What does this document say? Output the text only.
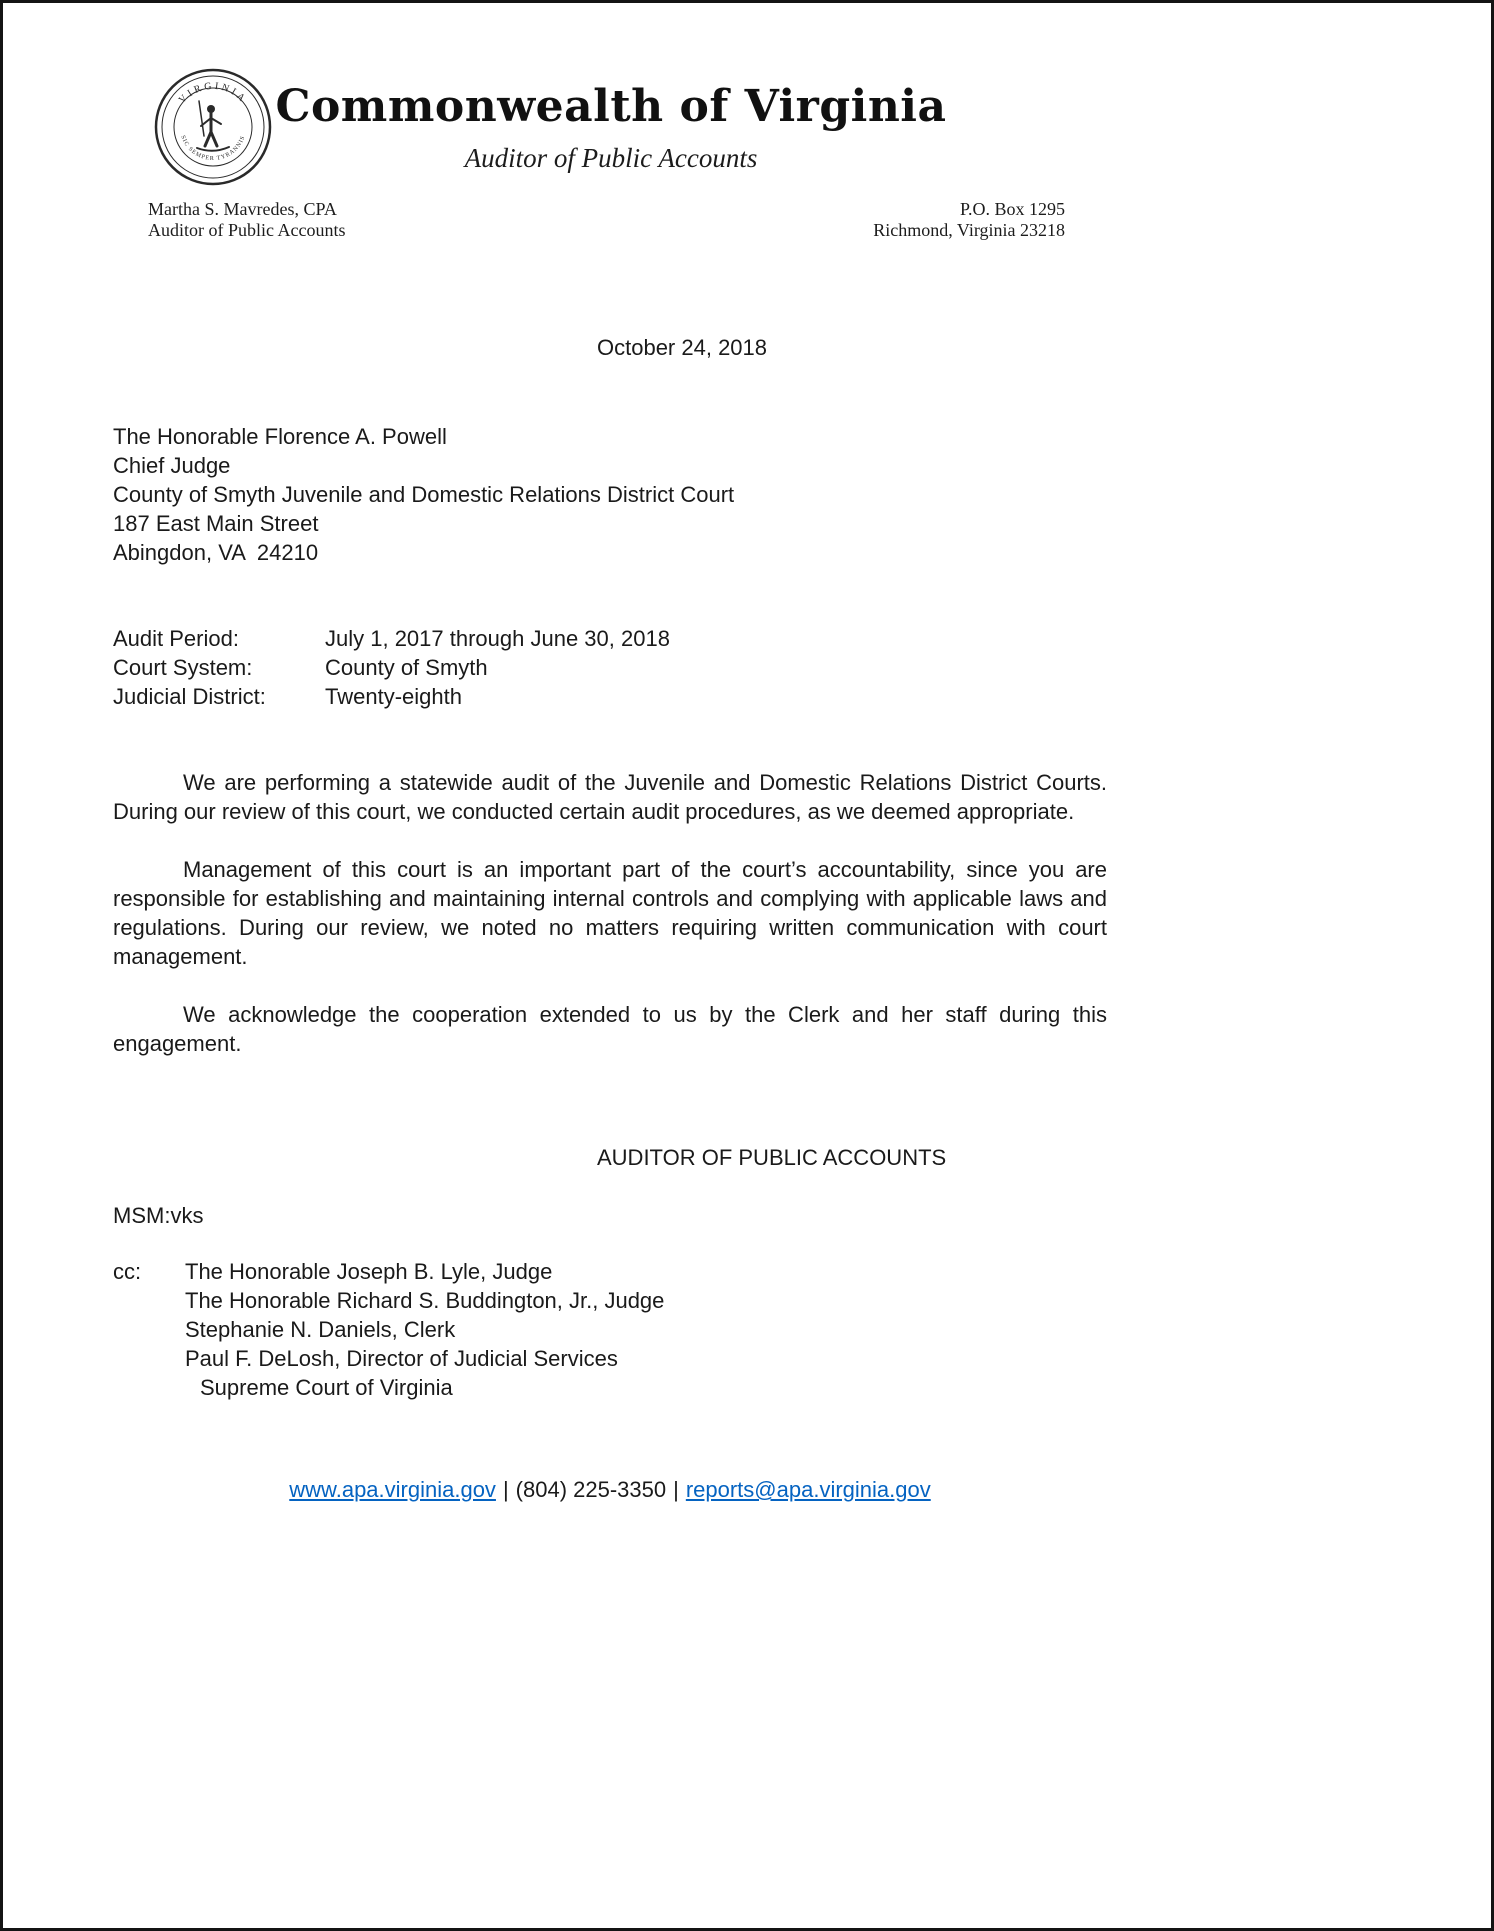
VIRGINIA
SIC SEMPER TYRANNIS
Commonwealth of Virginia
Auditor of Public Accounts
Martha S. Mavredes, CPA
Auditor of Public Accounts
P.O. Box 1295
Richmond, Virginia 23218
October 24, 2018
The Honorable Florence A. Powell
Chief Judge
County of Smyth Juvenile and Domestic Relations District Court
187 East Main Street
Abingdon, VA  24210
Audit Period:	July 1, 2017 through June 30, 2018
Court System:	County of Smyth
Judicial District:	Twenty-eighth

We are performing a statewide audit of the Juvenile and Domestic Relations District Courts. During our review of this court, we conducted certain audit procedures, as we deemed appropriate.

Management of this court is an important part of the court’s accountability, since you are responsible for establishing and maintaining internal controls and complying with applicable laws and regulations. During our review, we noted no matters requiring written communication with court management.

We acknowledge the cooperation extended to us by the Clerk and her staff during this engagement.

AUDITOR OF PUBLIC ACCOUNTS
MSM:vks
cc:	The Honorable Joseph B. Lyle, Judge
The Honorable Richard S. Buddington, Jr., Judge
Stephanie N. Daniels, Clerk
Paul F. DeLosh, Director of Judicial Services
Supreme Court of Virginia
www.apa.virginia.gov | (804) 225-3350 | reports@apa.virginia.gov
